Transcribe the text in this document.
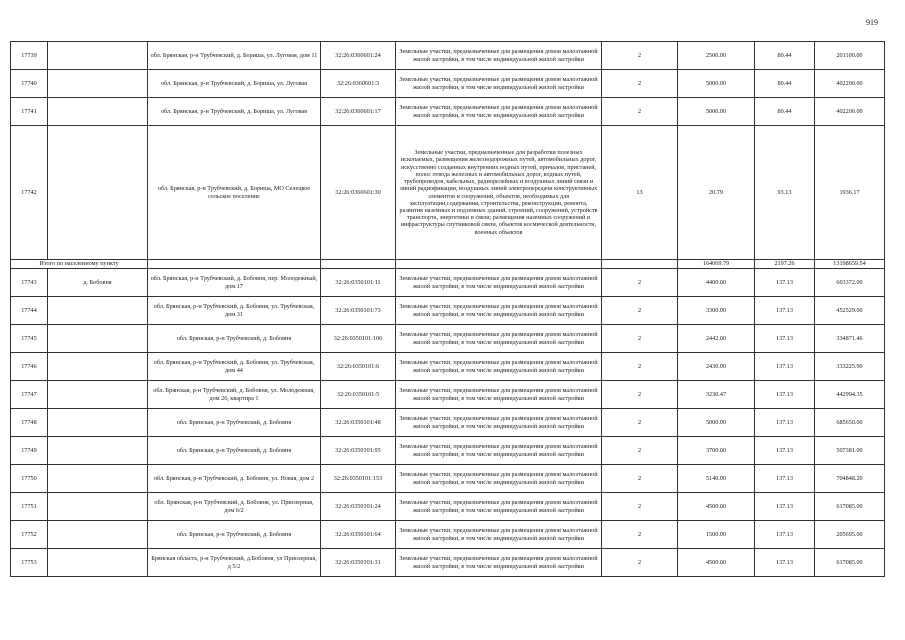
919
17739		обл. Брянская, р-н Трубчевский, д. Бориша, ул. Луговая, дом 11	32:26:0360601:24	Земельные участки, предназначенные для размещения домов малоэтажной жилой застройки, в том числе индивидуальной жилой застройки	2	2500.00	80.44	201100.00
17740		обл. Брянская, р-н Трубчевский, д. Бориша, ул. Луговая	32:26:0360601:3	Земельные участки, предназначенные для размещения домов малоэтажной жилой застройки, в том числе индивидуальной жилой застройки	2	5000.00	80.44	402200.00
17741		обл. Брянская, р-н Трубчевский, д. Бориша, ул. Луговая	32:26:0360601:17	Земельные участки, предназначенные для размещения домов малоэтажной жилой застройки, в том числе индивидуальной жилой застройки	2	5000.00	80.44	402200.00
17742		обл. Брянская, р-н Трубчевский, д. Бориша, МО Селецкое сельское поселение	32:26:0360601:30	Земельные участки, предназначенные для разработки полезных ископаемых, размещения железнодорожных путей, автомобильных дорог, искусственно созданных внутренних водных путей, причалов, пристаней, полос отвода железных и автомобильных дорог, водных путей, трубопроводов, кабельных, радиорелейных и воздушных линий связи и линий радиофикации, воздушных линий электропередачи конструктивных элементов и сооружений, объектов, необходимых для эксплуатации,содержания, строительства, реконструкции, ремонта, развития наземных и подземных зданий, строений, сооружений, устройств транспорта, энергетики и связи; размещения наземных сооружений и инфраструктуры спутниковой связи, объектов космической деятельности, военных объектов	13	20.79	93.13	1936.17
Итого по населенному пункту						164069.79	2197.26	13198659.54
17743	д. Бобовня	обл. Брянская, р-н Трубчевский, д. Бобовня, пер. Молодежный, дом 17	32:26:0350101:11	Земельные участки, предназначенные для размещения домов малоэтажной жилой застройки, в том числе индивидуальной жилой застройки	2	4400.00	137.13	603372.00
17744		обл. Брянская, р-н Трубчевский, д. Бобовня, ул. Трубчевская, дом 31	32:26:0350101:73	Земельные участки, предназначенные для размещения домов малоэтажной жилой застройки, в том числе индивидуальной жилой застройки	2	3300.00	137.13	452529.00
17745		обл. Брянская, р-н Трубчевский, д. Бобовня	32:26:0350101:106	Земельные участки, предназначенные для размещения домов малоэтажной жилой застройки, в том числе индивидуальной жилой застройки	2	2442.00	137.13	334871.46
17746		обл. Брянская, р-н Трубчевский, д. Бобовня, ул. Трубчевская, дом 44	32:26:0350101:6	Земельные участки, предназначенные для размещения домов малоэтажной жилой застройки, в том числе индивидуальной жилой застройки	2	2430.00	137.13	333225.90
17747		обл. Брянская, р-н Трубчевский, д. Бобовня, ул. Молодежная, дом 26, квартира 1	32:26:0350101:5	Земельные участки, предназначенные для размещения домов малоэтажной жилой застройки, в том числе индивидуальной жилой застройки	2	3230.47	137.13	442994.35
17748		обл. Брянская, р-н Трубчевский, д. Бобовня	32:26:0350101:48	Земельные участки, предназначенные для размещения домов малоэтажной жилой застройки, в том числе индивидуальной жилой застройки	2	5000.00	137.13	685650.00
17749		обл. Брянская, р-н Трубчевский, д. Бобовня	32:26:0350101:95	Земельные участки, предназначенные для размещения домов малоэтажной жилой застройки, в том числе индивидуальной жилой застройки	2	3700.00	137.13	507381.00
17750		обл. Брянская, р-н Трубчевский, д. Бобовня, ул. Новая, дом 2	32:26:0350101:153	Земельные участки, предназначенные для размещения домов малоэтажной жилой застройки, в том числе индивидуальной жилой застройки	2	5140.00	137.13	704848.20
17751		обл. Брянская, р-н Трубчевский, д. Бобовня, ул. Приозерная, дом 6/2	32:26:0350101:24	Земельные участки, предназначенные для размещения домов малоэтажной жилой застройки, в том числе индивидуальной жилой застройки	2	4500.00	137.13	617085.00
17752		обл. Брянская, р-н Трубчевский, д. Бобовня	32:26:0350101:64	Земельные участки, предназначенные для размещения домов малоэтажной жилой застройки, в том числе индивидуальной жилой застройки	2	1500.00	137.13	205695.00
17753		Брянская область, р-н Трубчевский, д.Бобовня, ул Приозерная, д 5/2	32:26:0350101:31	Земельные участки, предназначенные для размещения домов малоэтажной жилой застройки, в том числе индивидуальной жилой застройки	2	4500.00	137.13	617085.00
